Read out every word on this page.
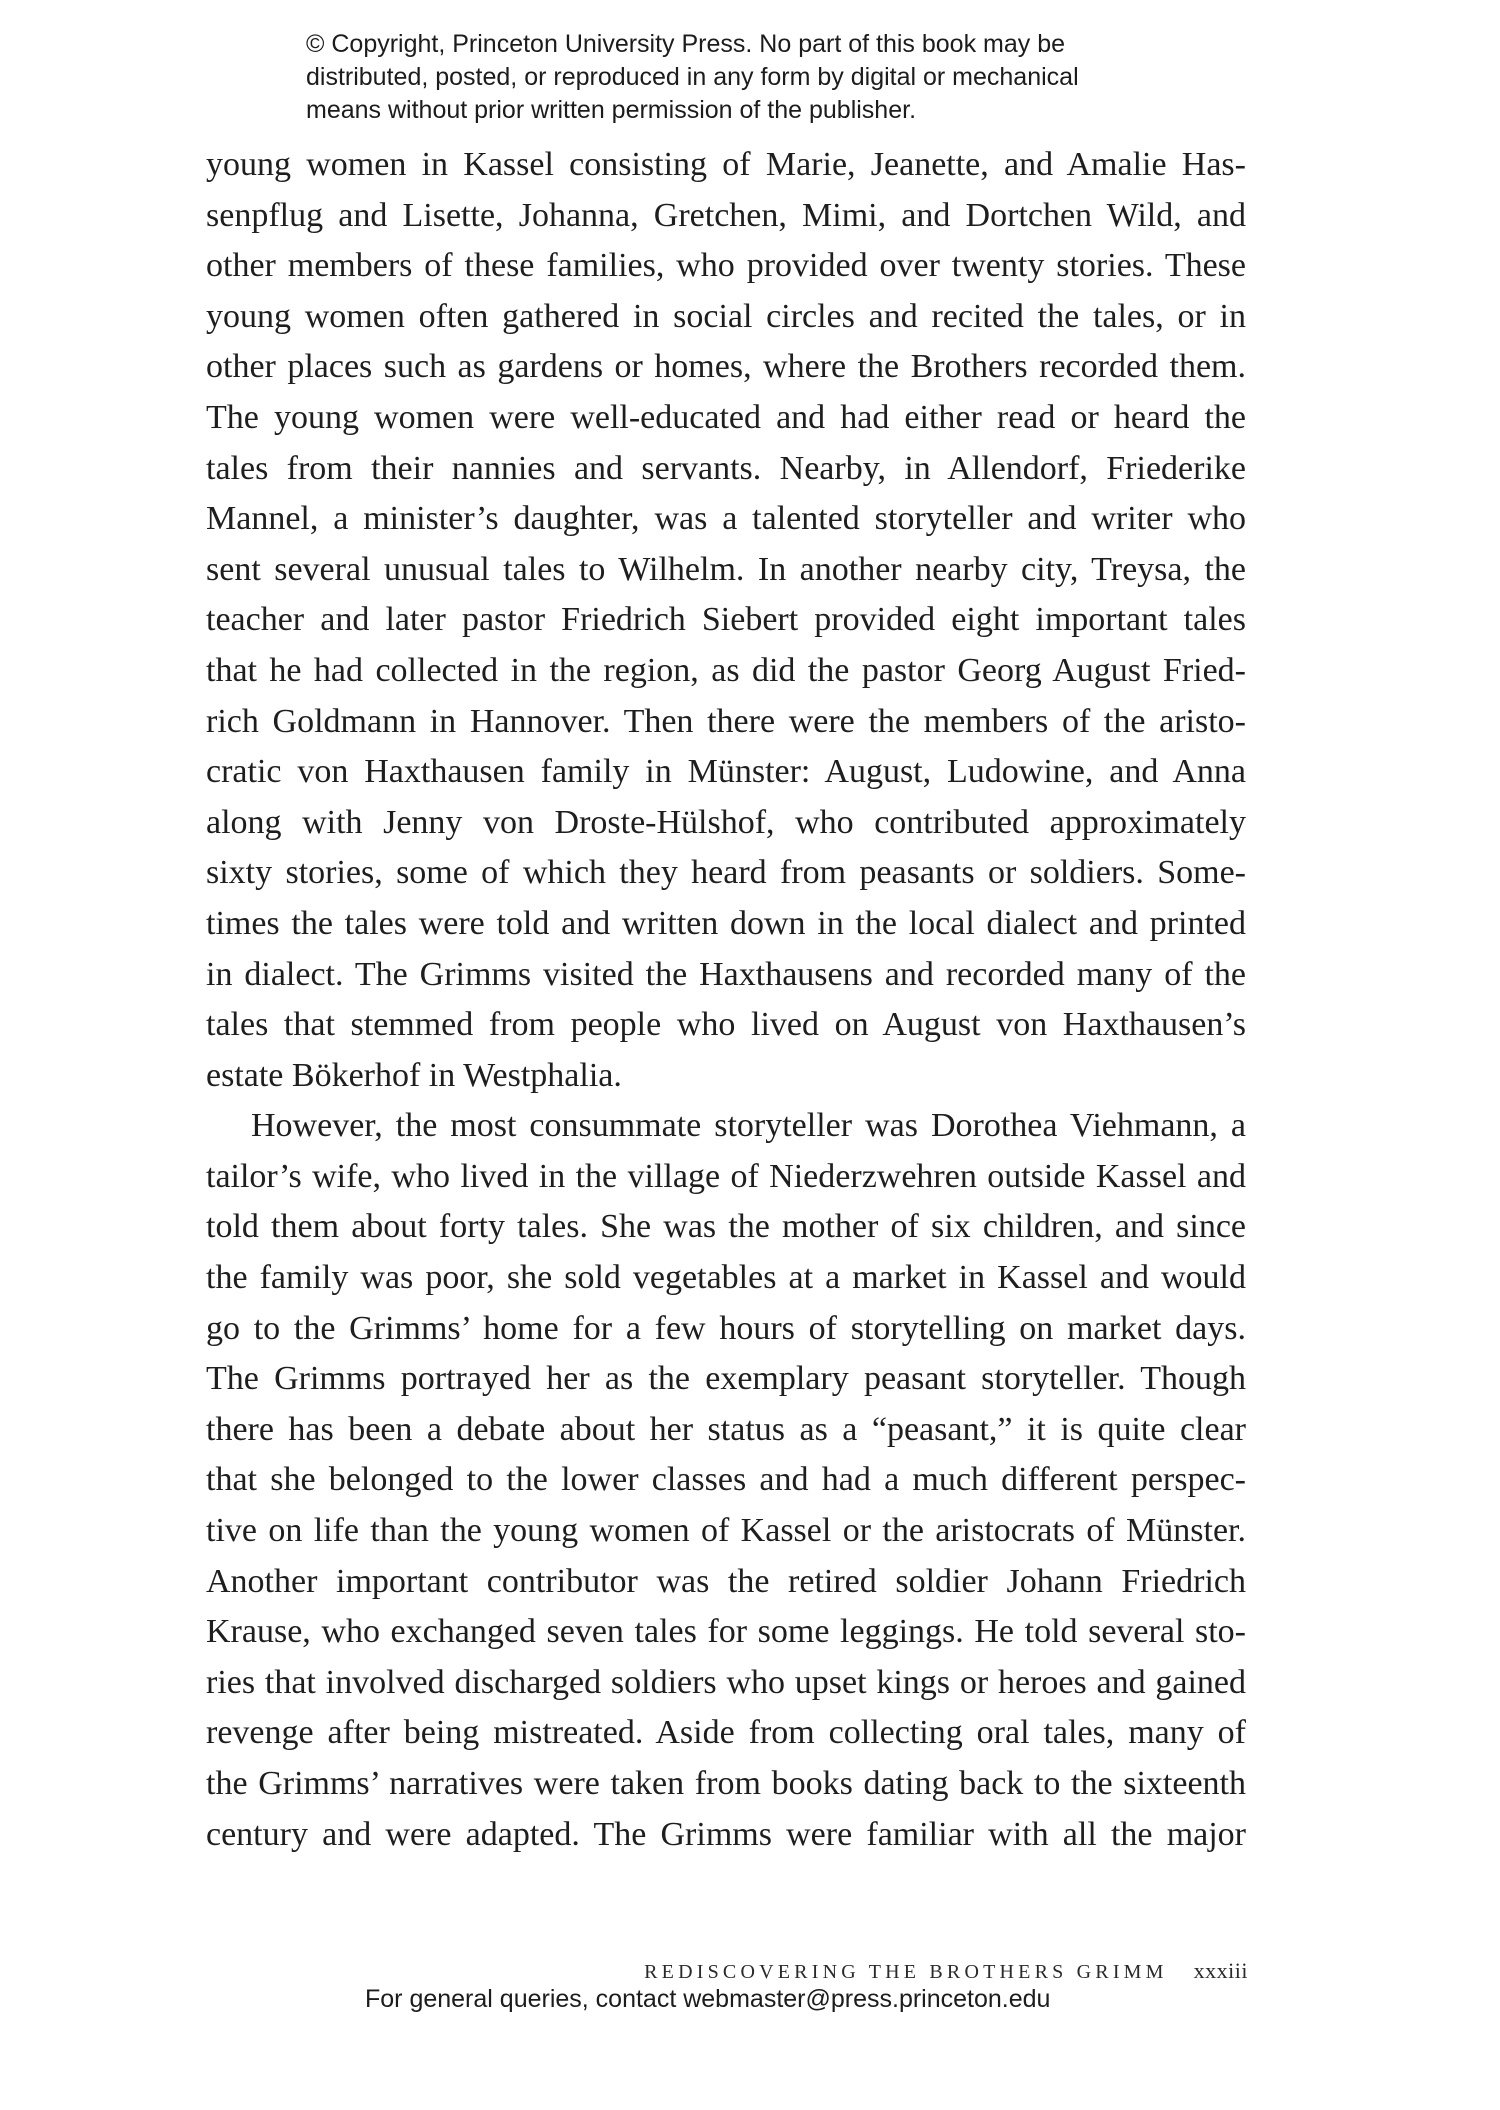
© Copyright, Princeton University Press. No part of this book may be
distributed, posted, or reproduced in any form by digital or mechanical
means without prior written permission of the publisher.
young women in Kassel consisting of Marie, Jeanette, and Amalie Has-
senpflug and Lisette, Johanna, Gretchen, Mimi, and Dortchen Wild, and
other members of these families, who provided over twenty stories. These
young women often gathered in social circles and recited the tales, or in
other places such as gardens or homes, where the Brothers recorded them.
The young women were well-educated and had either read or heard the
tales from their nannies and servants. Nearby, in Allendorf, Friederike
Mannel, a minister’s daughter, was a talented storyteller and writer who
sent several unusual tales to Wilhelm. In another nearby city, Treysa, the
teacher and later pastor Friedrich Siebert provided eight important tales
that he had collected in the region, as did the pastor Georg August Fried-
rich Goldmann in Hannover. Then there were the members of the aristo-
cratic von Haxthausen family in Münster: August, Ludowine, and Anna
along with Jenny von Droste-Hülshof, who contributed approximately
sixty stories, some of which they heard from peasants or soldiers. Some-
times the tales were told and written down in the local dialect and printed
in dialect. The Grimms visited the Haxthausens and recorded many of the
tales that stemmed from people who lived on August von Haxthausen’s
estate Bökerhof in Westphalia.
However, the most consummate storyteller was Dorothea Viehmann, a
tailor’s wife, who lived in the village of Niederzwehren outside Kassel and
told them about forty tales. She was the mother of six children, and since
the family was poor, she sold vegetables at a market in Kassel and would
go to the Grimms’ home for a few hours of storytelling on market days.
The Grimms portrayed her as the exemplary peasant storyteller. Though
there has been a debate about her status as a “peasant,” it is quite clear
that she belonged to the lower classes and had a much different perspec-
tive on life than the young women of Kassel or the aristocrats of Münster.
Another important contributor was the retired soldier Johann Friedrich
Krause, who exchanged seven tales for some leggings. He told several sto-
ries that involved discharged soldiers who upset kings or heroes and gained
revenge after being mistreated. Aside from collecting oral tales, many of
the Grimms’ narratives were taken from books dating back to the sixteenth
century and were adapted. The Grimms were familiar with all the major
REDISCOVERING THE BROTHERS GRIMM xxxiii
For general queries, contact webmaster@press.princeton.edu
